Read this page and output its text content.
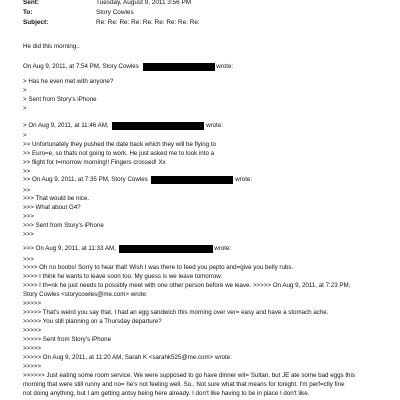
Sent:	Tuesday, August 9, 2011 3:56 PM
To:	Story Cowles
Subject:	Re: Re: Re: Re: Re: Re: Re: Re: Re:
He did this morning..
On Aug 9, 2011, at 7:54 PM, Story Cowles	wrote:
> Has he even met with anyone?
>
> Sent from Story's iPhone
>
> On Aug 9, 2011, at 11:46 AM,	wrote:
>
>> Unfortunately they pushed the date back which they will be flying to
>> Euro=e, so thats not going to work. He just asked me to look into a
>> flight for t=morrow morning!! Fingers crossed! Xx
>>
>> On Aug 9, 2011, at 7:35 PM, Story Cowles	wrote:
>>
>>> That would be nice.
>>> What about G4?
>>>
>>> Sent from Story's iPhone
>>>
>>> On Aug 9, 2011, at 11:33 AM,	wrote:
>>>
>>>> Oh no boobs! Sorry to hear that! Wish I was there to feed you pepto and=give you belly rubs.
>>>> I think he wants to leave soon too. My guess is we leave tomorrow.
>>>> I th=nk he just needs to possibly meet with one other person before we leave. >>>>> On Aug 9, 2011, at 7:23 PM,
Story Cowles <storycowles@me.com> wrote:
>>>>>
>>>>> That's weird you say that. I had an egg sandwich this morning over ver= easy and have a stomach ache.
>>>>> You still planning on a Thursday departure?
>>>>>
>>>>> Sent from Story's iPhone
>>>>>
>>>>> On Aug 9, 2011, at 11:20 AM, Sarah K <sarahk525@me.com> wrote:
>>>>>
>>>>>> Just eating some room service. We were supposed to go have dinner wit= Sultan, but JE ate some bad eggs this
morning that were still runny and no= he's not feeling well. So.. Not sure what that means for tonight. I'm perf=ctly fine
not doing anything, but I am getting antsy being here already. I don't like having to be in place I don't like.
